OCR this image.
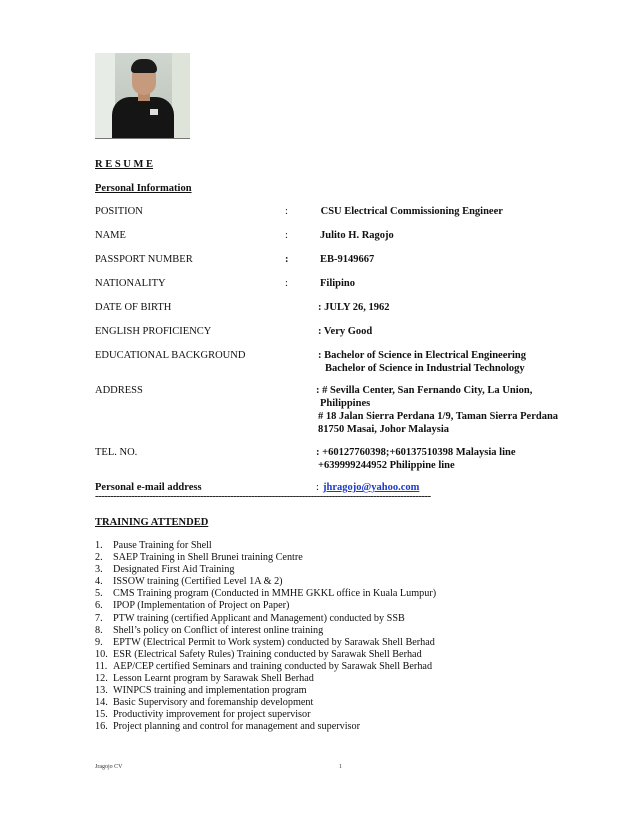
R E S U M E
Personal Information
POSITION	:	CSU Electrical Commissioning Engineer
NAME	:	Julito H. Ragojo
PASSPORT NUMBER	:	EB-9149667
NATIONALITY	:	Filipino
DATE OF BIRTH	: JULY 26, 1962
ENGLISH PROFICIENCY	: Very Good
EDUCATIONAL BACKGROUND	: Bachelor of Science in Electrical Engineering
Bachelor of Science in Industrial Technology
ADDRESS	: # Sevilla Center, San Fernando City, La Union,
Philippines
# 18 Jalan Sierra Perdana 1/9, Taman Sierra Perdana
81750 Masai, Johor Malaysia
TEL. NO.	: +60127760398;+60137510398 Malaysia line
+639999244952 Philippine line
Personal e-mail address	: jhragojo@yahoo.com
----------------------------------------------------------------------------------------------------------------
TRAINING ATTENDED
1. Pause Training for Shell
2. SAEP Training in Shell Brunei training Centre
3. Designated First Aid Training
4. ISSOW training (Certified Level 1A & 2)
5. CMS Training program (Conducted in MMHE GKKL office in Kuala Lumpur)
6. IPOP (Implementation of Project on Paper)
7. PTW training (certified Applicant and Management) conducted by SSB
8. Shell’s policy on Conflict of interest online training
9. EPTW (Electrical Permit to Work system) conducted by Sarawak Shell Berhad
10. ESR (Electrical Safety Rules) Training conducted by Sarawak Shell Berhad
11. AEP/CEP certified Seminars and training conducted by Sarawak Shell Berhad
12. Lesson Learnt program by Sarawak Shell Berhad
13. WINPCS training and implementation program
14. Basic Supervisory and foremanship development
15. Productivity improvement for project supervisor
16. Project planning and control for management and supervisor
Jragojo CV	1
